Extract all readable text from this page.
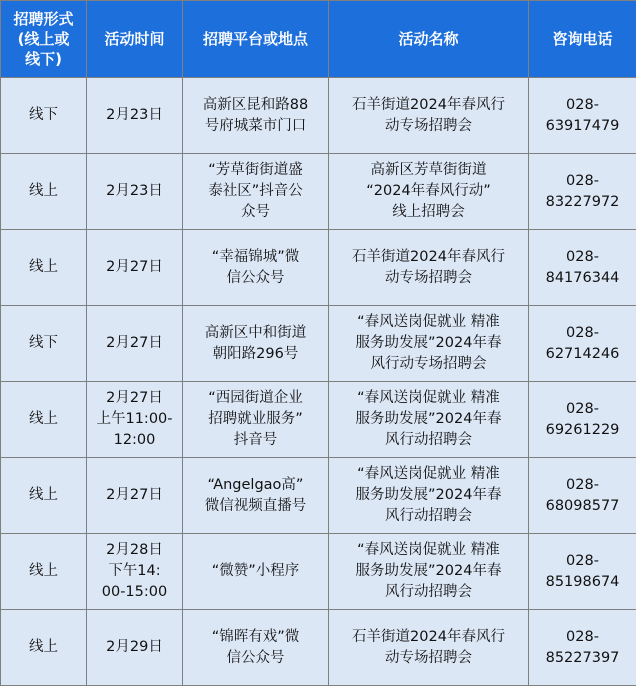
招聘形式
(线上或
线下)	活动时间	招聘平台或地点	活动名称	咨询电话
线下	2月23日	高新区昆和路88
号府城菜市门口	石羊街道2024年春风行
动专场招聘会	028-
63917479
线上	2月23日	“芳草街街道盛
泰社区”抖音公
众号	高新区芳草街街道
“2024年春风行动”
线上招聘会	028-
83227972
线上	2月27日	“幸福锦城”微
信公众号	石羊街道2024年春风行
动专场招聘会	028-
84176344
线下	2月27日	高新区中和街道
朝阳路296号	“春风送岗促就业 精准
服务助发展”2024年春
风行动专场招聘会	028-
62714246
线上	2月27日
上午11:00-
12:00	“西园街道企业
招聘就业服务”
抖音号	“春风送岗促就业 精准
服务助发展”2024年春
风行动招聘会	028-
69261229
线上	2月27日	“Angelgao高”
微信视频直播号	“春风送岗促就业 精准
服务助发展”2024年春
风行动招聘会	028-
68098577
线上	2月28日
下午14:
00-15:00	“微赞”小程序	“春风送岗促就业 精准
服务助发展”2024年春
风行动招聘会	028-
85198674
线上	2月29日	“锦晖有戏”微
信公众号	石羊街道2024年春风行
动专场招聘会	028-
85227397
